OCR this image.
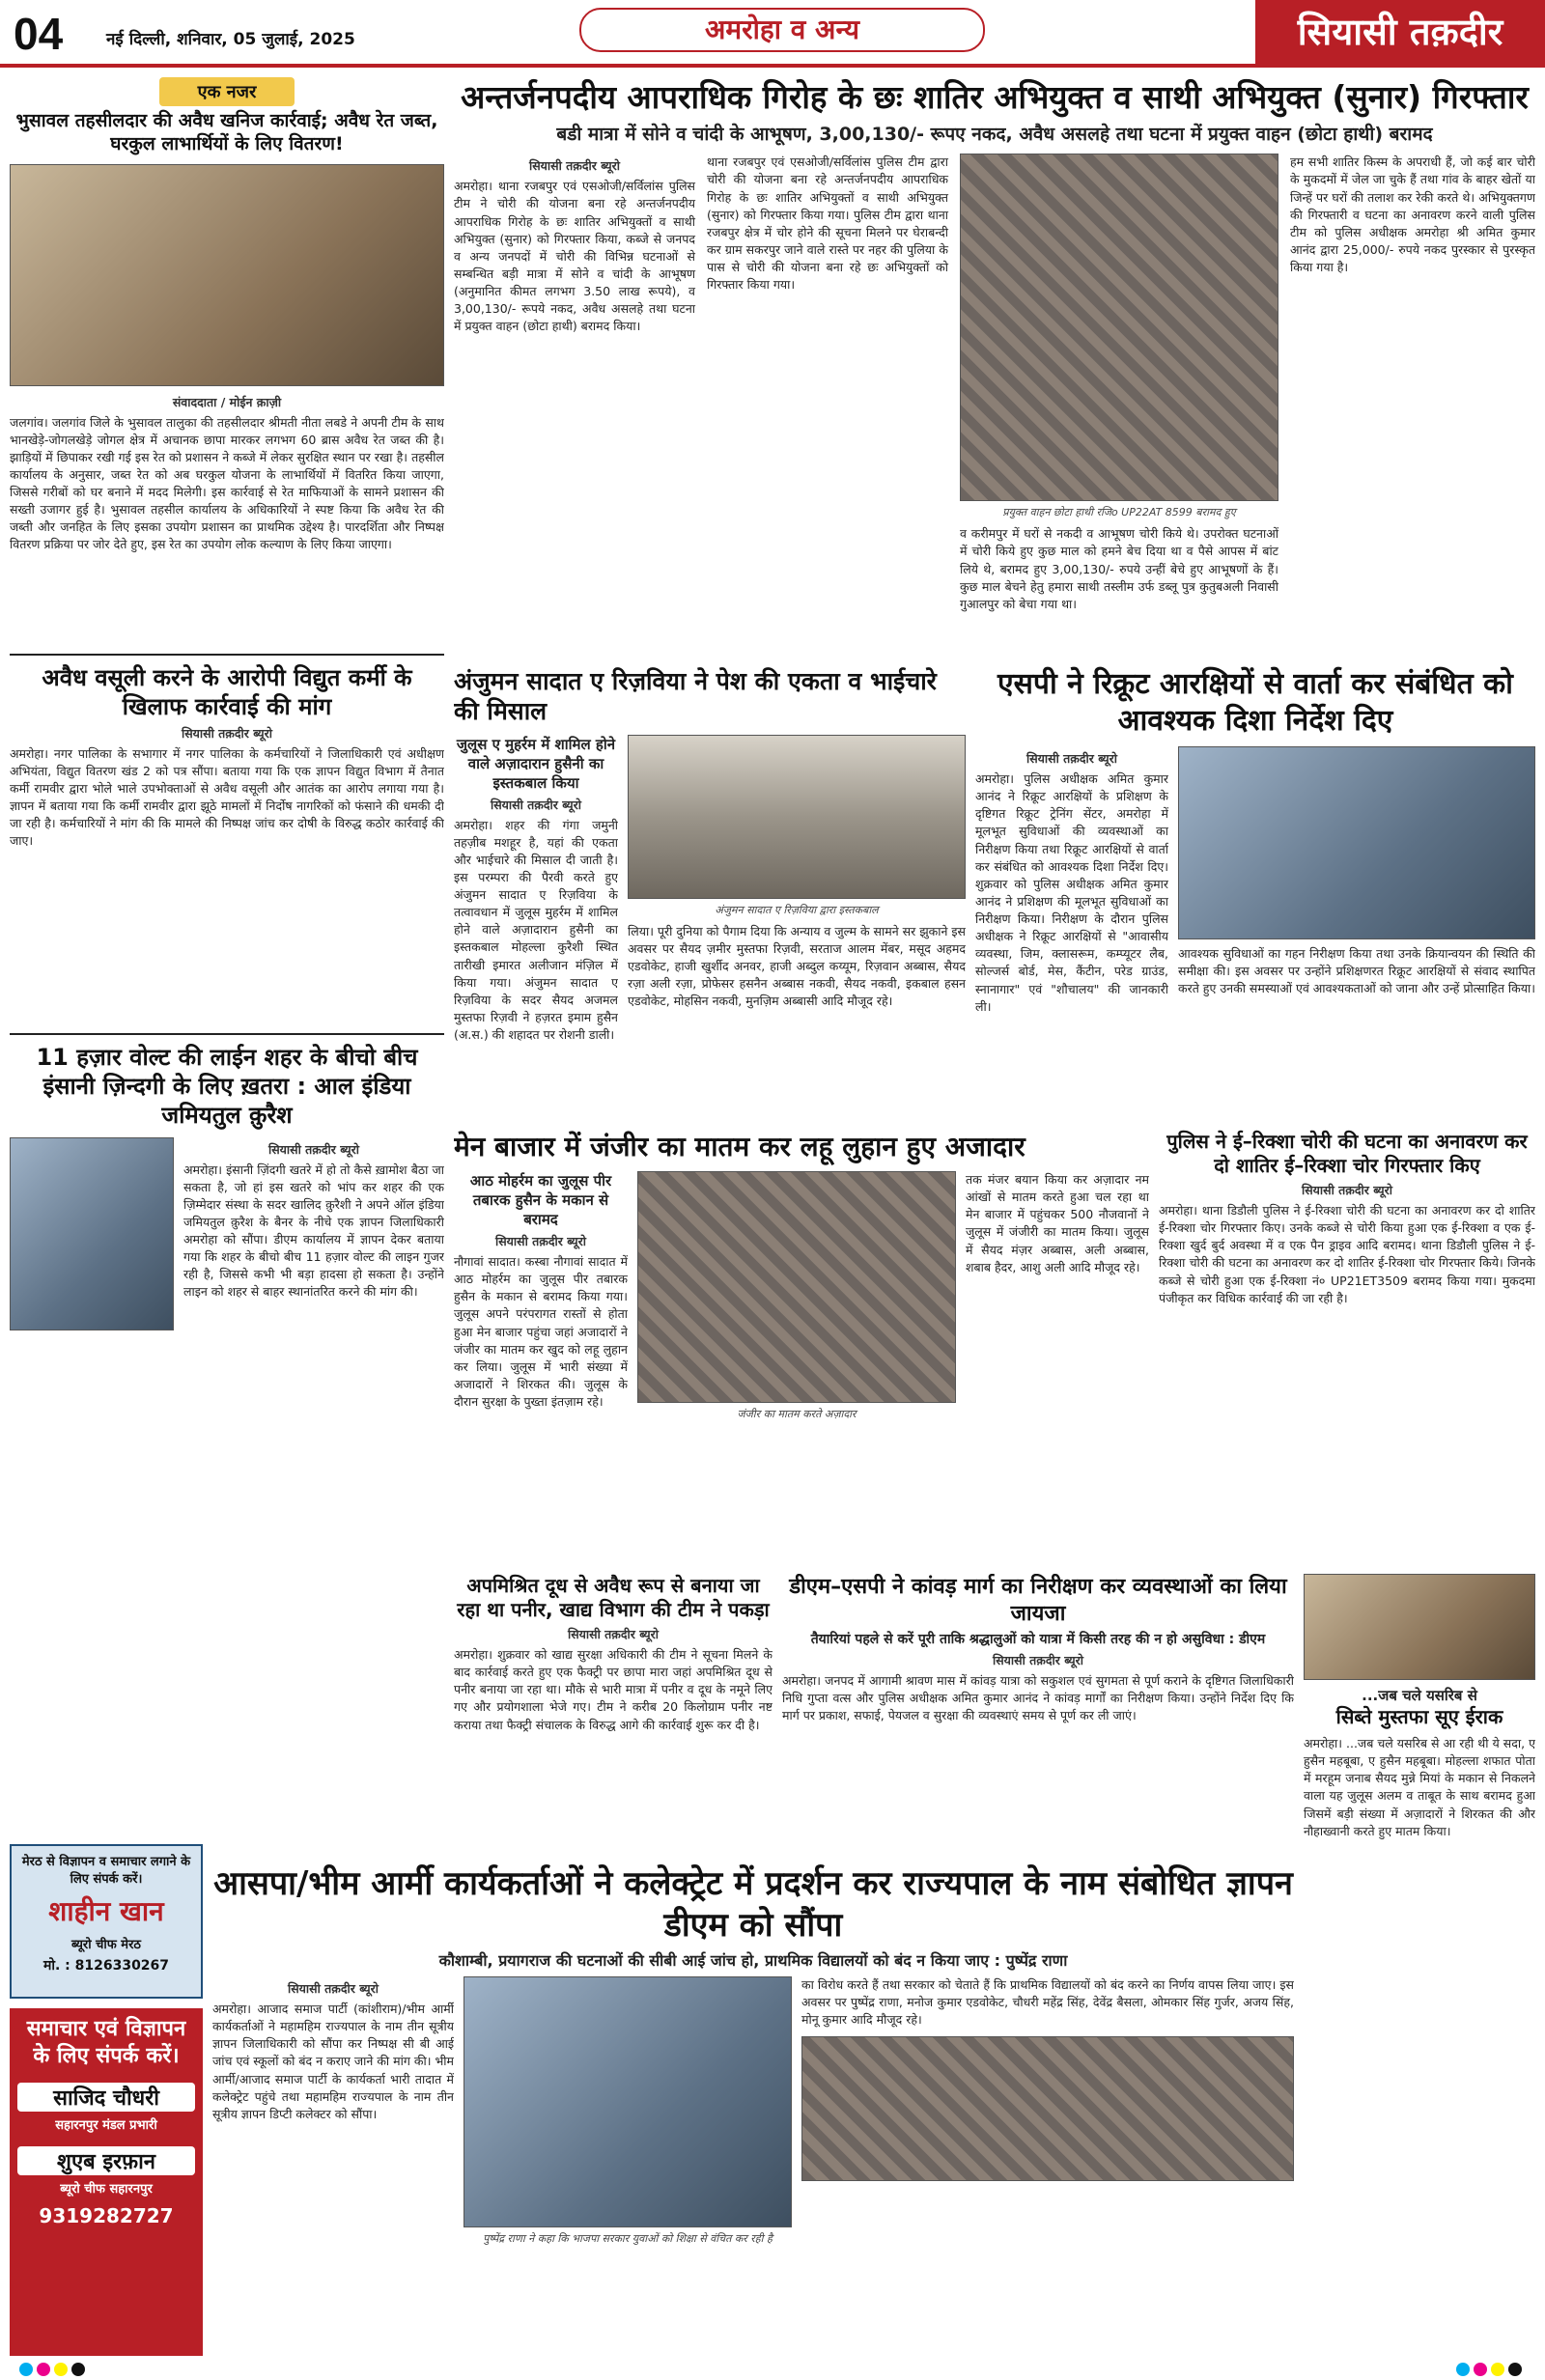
04	नई दिल्ली, शनिवार, 05 जुलाई, 2025	अमरोहा व अन्य	सियासी तक़दीर
एक नजर
भुसावल तहसीलदार की अवैध खनिज कार्रवाई; अवैध रेत जब्त, घरकुल लाभार्थियों के लिए वितरण!
संवाददाता / मोईन क़ाज़ी
जलगांव। जलगांव जिले के भुसावल तालुका की तहसीलदार श्रीमती नीता लबडे ने अपनी टीम के साथ भानखेड़े-जोगलखेड़े जोगल क्षेत्र में अचानक छापा मारकर लगभग 60 ब्रास अवैध रेत जब्त की है। झाड़ियों में छिपाकर रखी गई इस रेत को प्रशासन ने कब्जे में लेकर सुरक्षित स्थान पर रखा है। तहसील कार्यालय के अनुसार, जब्त रेत को अब घरकुल योजना के लाभार्थियों में वितरित किया जाएगा, जिससे गरीबों को घर बनाने में मदद मिलेगी। इस कार्रवाई से रेत माफियाओं के सामने प्रशासन की सख्ती उजागर हुई है। भुसावल तहसील कार्यालय के अधिकारियों ने स्पष्ट किया कि अवैध रेत की जब्ती और जनहित के लिए इसका उपयोग प्रशासन का प्राथमिक उद्देश्य है। पारदर्शिता और निष्पक्ष वितरण प्रक्रिया पर जोर देते हुए, इस रेत का उपयोग लोक कल्याण के लिए किया जाएगा।
अवैध वसूली करने के आरोपी विद्युत कर्मी के खिलाफ कार्रवाई की मांग
सियासी तक़दीर ब्यूरो
अमरोहा। नगर पालिका के सभागार में नगर पालिका के कर्मचारियों ने जिलाधिकारी एवं अधीक्षण अभियंता, विद्युत वितरण खंड 2 को पत्र सौंपा। बताया गया कि एक ज्ञापन विद्युत विभाग में तैनात कर्मी रामवीर द्वारा भोले भाले उपभोक्ताओं से अवैध वसूली और आतंक का आरोप लगाया गया है। ज्ञापन में बताया गया कि कर्मी रामवीर द्वारा झूठे मामलों में निर्दोष नागरिकों को फंसाने की धमकी दी जा रही है। कर्मचारियों ने मांग की कि मामले की निष्पक्ष जांच कर दोषी के विरुद्ध कठोर कार्रवाई की जाए।
11 हज़ार वोल्ट की लाईन शहर के बीचो बीच इंसानी ज़िन्दगी के लिए ख़तरा : आल इंडिया जमियतुल क़ुरैश
सियासी तक़दीर ब्यूरो
अमरोहा। इंसानी ज़िंदगी खतरे में हो तो कैसे ख़ामोश बैठा जा सकता है, जो हां इस खतरे को भांप कर शहर की एक ज़िम्मेदार संस्था के सदर खालिद क़ुरैशी ने अपने ऑल इंडिया जमियतुल क़ुरैश के बैनर के नीचे एक ज्ञापन जिलाधिकारी अमरोहा को सौंपा। डीएम कार्यालय में ज्ञापन देकर बताया गया कि शहर के बीचो बीच 11 हज़ार वोल्ट की लाइन गुजर रही है, जिससे कभी भी बड़ा हादसा हो सकता है। उन्होंने लाइन को शहर से बाहर स्थानांतरित करने की मांग की।
अन्तर्जनपदीय आपराधिक गिरोह के छः शातिर अभियुक्त व साथी अभियुक्त (सुनार) गिरफ्तार
बडी मात्रा में सोने व चांदी के आभूषण, 3,00,130/- रूपए नकद, अवैध असलहे तथा घटना में प्रयुक्त वाहन (छोटा हाथी) बरामद
सियासी तक़दीर ब्यूरो
अमरोहा। थाना रजबपुर एवं एसओजी/सर्विलांस पुलिस टीम ने चोरी की योजना बना रहे अन्तर्जनपदीय आपराधिक गिरोह के छः शातिर अभियुक्तों व साथी अभियुक्त (सुनार) को गिरफ्तार किया, कब्जे से जनपद व अन्य जनपदों में चोरी की विभिन्न घटनाओं से सम्बन्धित बड़ी मात्रा में सोने व चांदी के आभूषण (अनुमानित कीमत लगभग 3.50 लाख रूपये), व 3,00,130/- रूपये नकद, अवैध असलहे तथा घटना में प्रयुक्त वाहन (छोटा हाथी) बरामद किया।
थाना रजबपुर एवं एसओजी/सर्विलांस पुलिस टीम द्वारा चोरी की योजना बना रहे अन्तर्जनपदीय आपराधिक गिरोह के छः शातिर अभियुक्तों व साथी अभियुक्त (सुनार) को गिरफ्तार किया गया। पुलिस टीम द्वारा थाना रजबपुर क्षेत्र में चोर होने की सूचना मिलने पर घेराबन्दी कर ग्राम सकरपुर जाने वाले रास्ते पर नहर की पुलिया के पास से चोरी की योजना बना रहे छः अभियुक्तों को गिरफ्तार किया गया।
प्रयुक्त वाहन छोटा हाथी रजिo UP22AT 8599 बरामद हुए
व करीमपुर में घरों से नकदी व आभूषण चोरी किये थे। उपरोक्त घटनाओं में चोरी किये हुए कुछ माल को हमने बेच दिया था व पैसे आपस में बांट लिये थे, बरामद हुए 3,00,130/- रुपये उन्हीं बेचे हुए आभूषणों के हैं। कुछ माल बेचने हेतु हमारा साथी तस्लीम उर्फ डब्लू पुत्र कुतुबअली निवासी गुआलपुर को बेचा गया था।
हम सभी शातिर किस्म के अपराधी हैं, जो कई बार चोरी के मुकदमों में जेल जा चुके हैं तथा गांव के बाहर खेतों या जिन्हें पर घरों की तलाश कर रेकी करते थे। अभियुक्तगण की गिरफ्तारी व घटना का अनावरण करने वाली पुलिस टीम को पुलिस अधीक्षक अमरोहा श्री अमित कुमार आनंद द्वारा 25,000/- रुपये नकद पुरस्कार से पुरस्कृत किया गया है।
अंजुमन सादात ए रिज़विया ने पेश की एकता व भाईचारे की मिसाल
जुलूस ए मुहर्रम में शामिल होने वाले अज़ादारान हुसैनी का इस्तकबाल किया
सियासी तक़दीर ब्यूरो
अमरोहा। शहर की गंगा जमुनी तहज़ीब मशहूर है, यहां की एकता और भाईचारे की मिसाल दी जाती है। इस परम्परा की पैरवी करते हुए अंजुमन सादात ए रिज़विया के तत्वावधान में जुलूस मुहर्रम में शामिल होने वाले अज़ादारान हुसैनी का इस्तकबाल मोहल्ला कुरैशी स्थित तारीखी इमारत अलीजान मंज़िल में किया गया। अंजुमन सादात ए रिज़विया के सदर सैयद अजमल मुस्तफा रिज़वी ने हज़रत इमाम हुसैन (अ.स.) की शहादत पर रोशनी डाली।
अंजुमन सादात ए रिज़विया द्वारा इस्तकबाल
लिया। पूरी दुनिया को पैगाम दिया कि अन्याय व जुल्म के सामने सर झुकाने इस अवसर पर सैयद ज़मीर मुस्तफा रिज़वी, सरताज आलम मेंबर, मसूद अहमद एडवोकेट, हाजी खुर्शीद अनवर, हाजी अब्दुल कय्यूम, रिज़वान अब्बास, सैयद रज़ा अली रज़ा, प्रोफेसर हसनैन अब्बास नकवी, सैयद नकवी, इकबाल हसन एडवोकेट, मोहसिन नकवी, मुनज़िम अब्बासी आदि मौजूद रहे।
एसपी ने रिक्रूट आरक्षियों से वार्ता कर संबंधित को आवश्यक दिशा निर्देश दिए
सियासी तक़दीर ब्यूरो
अमरोहा। पुलिस अधीक्षक अमित कुमार आनंद ने रिक्रूट आरक्षियों के प्रशिक्षण के दृष्टिगत रिक्रूट ट्रेनिंग सेंटर, अमरोहा में मूलभूत सुविधाओं की व्यवस्थाओं का निरीक्षण किया तथा रिक्रूट आरक्षियों से वार्ता कर संबंधित को आवश्यक दिशा निर्देश दिए। शुक्रवार को पुलिस अधीक्षक अमित कुमार आनंद ने प्रशिक्षण की मूलभूत सुविधाओं का निरीक्षण किया। निरीक्षण के दौरान पुलिस अधीक्षक ने रिक्रूट आरक्षियों से "आवासीय व्यवस्था, जिम, क्लासरूम, कम्प्यूटर लैब, सोल्जर्स बोर्ड, मेस, कैंटीन, परेड ग्राउंड, स्नानागार" एवं "शौचालय" की जानकारी ली।
आवश्यक सुविधाओं का गहन निरीक्षण किया तथा उनके क्रियान्वयन की स्थिति की समीक्षा की। इस अवसर पर उन्होंने प्रशिक्षणरत रिक्रूट आरक्षियों से संवाद स्थापित करते हुए उनकी समस्याओं एवं आवश्यकताओं को जाना और उन्हें प्रोत्साहित किया।
मेन बाजार में जंजीर का मातम कर लहू लुहान हुए अजादार
आठ मोहर्रम का जुलूस पीर तबारक हुसैन के मकान से बरामद
सियासी तक़दीर ब्यूरो
नौगावां सादात। कस्बा नौगावां सादात में आठ मोहर्रम का जुलूस पीर तबारक हुसैन के मकान से बरामद किया गया। जुलूस अपने परंपरागत रास्तों से होता हुआ मेन बाजार पहुंचा जहां अजादारों ने जंजीर का मातम कर खुद को लहू लुहान कर लिया। जुलूस में भारी संख्या में अजादारों ने शिरकत की। जुलूस के दौरान सुरक्षा के पुख्ता इंतज़ाम रहे।
जंजीर का मातम करते अज़ादार
तक मंजर बयान किया कर अज़ादार नम आंखों से मातम करते हुआ चल रहा था मेन बाजार में पहुंचकर 500 नौजवानों ने जुलूस में जंजीरी का मातम किया। जुलूस में सैयद मंज़र अब्बास, अली अब्बास, शबाब हैदर, आशु अली आदि मौजूद रहे।
पुलिस ने ई–रिक्शा चोरी की घटना का अनावरण कर दो शातिर ई–रिक्शा चोर गिरफ्तार किए
सियासी तक़दीर ब्यूरो
अमरोहा। थाना डिडौली पुलिस ने ई-रिक्शा चोरी की घटना का अनावरण कर दो शातिर ई-रिक्शा चोर गिरफ्तार किए। उनके कब्जे से चोरी किया हुआ एक ई-रिक्शा व एक ई-रिक्शा खुर्द बुर्द अवस्था में व एक पैन ड्राइव आदि बरामद। थाना डिडौली पुलिस ने ई-रिक्शा चोरी की घटना का अनावरण कर दो शातिर ई-रिक्शा चोर गिरफ्तार किये। जिनके कब्जे से चोरी हुआ एक ई-रिक्शा नं० UP21ET3509 बरामद किया गया। मुकदमा पंजीकृत कर विधिक कार्रवाई की जा रही है।
अपमिश्रित दूध से अवैध रूप से बनाया जा रहा था पनीर, खाद्य विभाग की टीम ने पकड़ा
सियासी तक़दीर ब्यूरो
अमरोहा। शुक्रवार को खाद्य सुरक्षा अधिकारी की टीम ने सूचना मिलने के बाद कार्रवाई करते हुए एक फैक्ट्री पर छापा मारा जहां अपमिश्रित दूध से पनीर बनाया जा रहा था। मौके से भारी मात्रा में पनीर व दूध के नमूने लिए गए और प्रयोगशाला भेजे गए। टीम ने करीब 20 किलोग्राम पनीर नष्ट कराया तथा फैक्ट्री संचालक के विरुद्ध आगे की कार्रवाई शुरू कर दी है।
डीएम–एसपी ने कांवड़ मार्ग का निरीक्षण कर व्यवस्थाओं का लिया जायजा
तैयारियां पहले से करें पूरी ताकि श्रद्धालुओं को यात्रा में किसी तरह की न हो असुविधा : डीएम
सियासी तक़दीर ब्यूरो
अमरोहा। जनपद में आगामी श्रावण मास में कांवड़ यात्रा को सकुशल एवं सुगमता से पूर्ण कराने के दृष्टिगत जिलाधिकारी निधि गुप्ता वत्स और पुलिस अधीक्षक अमित कुमार आनंद ने कांवड़ मार्गों का निरीक्षण किया। उन्होंने निर्देश दिए कि मार्ग पर प्रकाश, सफाई, पेयजल व सुरक्षा की व्यवस्थाएं समय से पूर्ण कर ली जाएं।
...जब चले यसरिब से
सिब्ते मुस्तफा सूए ईराक
अमरोहा। ...जब चले यसरिब से आ रही थी ये सदा, ए हुसैन महबूबा, ए हुसैन महबूबा। मोहल्ला शफात पोता में मरहूम जनाब सैयद मुन्ने मियां के मकान से निकलने वाला यह जुलूस अलम व ताबूत के साथ बरामद हुआ जिसमें बड़ी संख्या में अज़ादारों ने शिरकत की और नौहाख्वानी करते हुए मातम किया।
मेरठ से विज्ञापन व समाचार लगाने के लिए संपर्क करें।
शाहीन खान
ब्यूरो चीफ मेरठ
मो. : 8126330267
समाचार एवं विज्ञापन के लिए संपर्क करें।
साजिद चौधरी
सहारनपुर मंडल प्रभारी
शुएब इरफ़ान
ब्यूरो चीफ सहारनपुर
9319282727
आसपा/भीम आर्मी कार्यकर्ताओं ने कलेक्ट्रेट में प्रदर्शन कर राज्यपाल के नाम संबोधित ज्ञापन डीएम को सौंपा
कौशाम्बी, प्रयागराज की घटनाओं की सीबी आई जांच हो, प्राथमिक विद्यालयों को बंद न किया जाए : पुष्पेंद्र राणा
सियासी तक़दीर ब्यूरो
अमरोहा। आजाद समाज पार्टी (कांशीराम)/भीम आर्मी कार्यकर्ताओं ने महामहिम राज्यपाल के नाम तीन सूत्रीय ज्ञापन जिलाधिकारी को सौंपा कर निष्पक्ष सी बी आई जांच एवं स्कूलों को बंद न कराए जाने की मांग की। भीम आर्मी/आजाद समाज पार्टी के कार्यकर्ता भारी तादात में कलेक्ट्रेट पहुंचे तथा महामहिम राज्यपाल के नाम तीन सूत्रीय ज्ञापन डिप्टी कलेक्टर को सौंपा।
पुष्पेंद्र राणा ने कहा कि भाजपा सरकार युवाओं को शिक्षा से वंचित कर रही है
का विरोध करते हैं तथा सरकार को चेताते हैं कि प्राथमिक विद्यालयों को बंद करने का निर्णय वापस लिया जाए। इस अवसर पर पुष्पेंद्र राणा, मनोज कुमार एडवोकेट, चौधरी महेंद्र सिंह, देवेंद्र बैसला, ओमकार सिंह गुर्जर, अजय सिंह, मोनू कुमार आदि मौजूद रहे।
